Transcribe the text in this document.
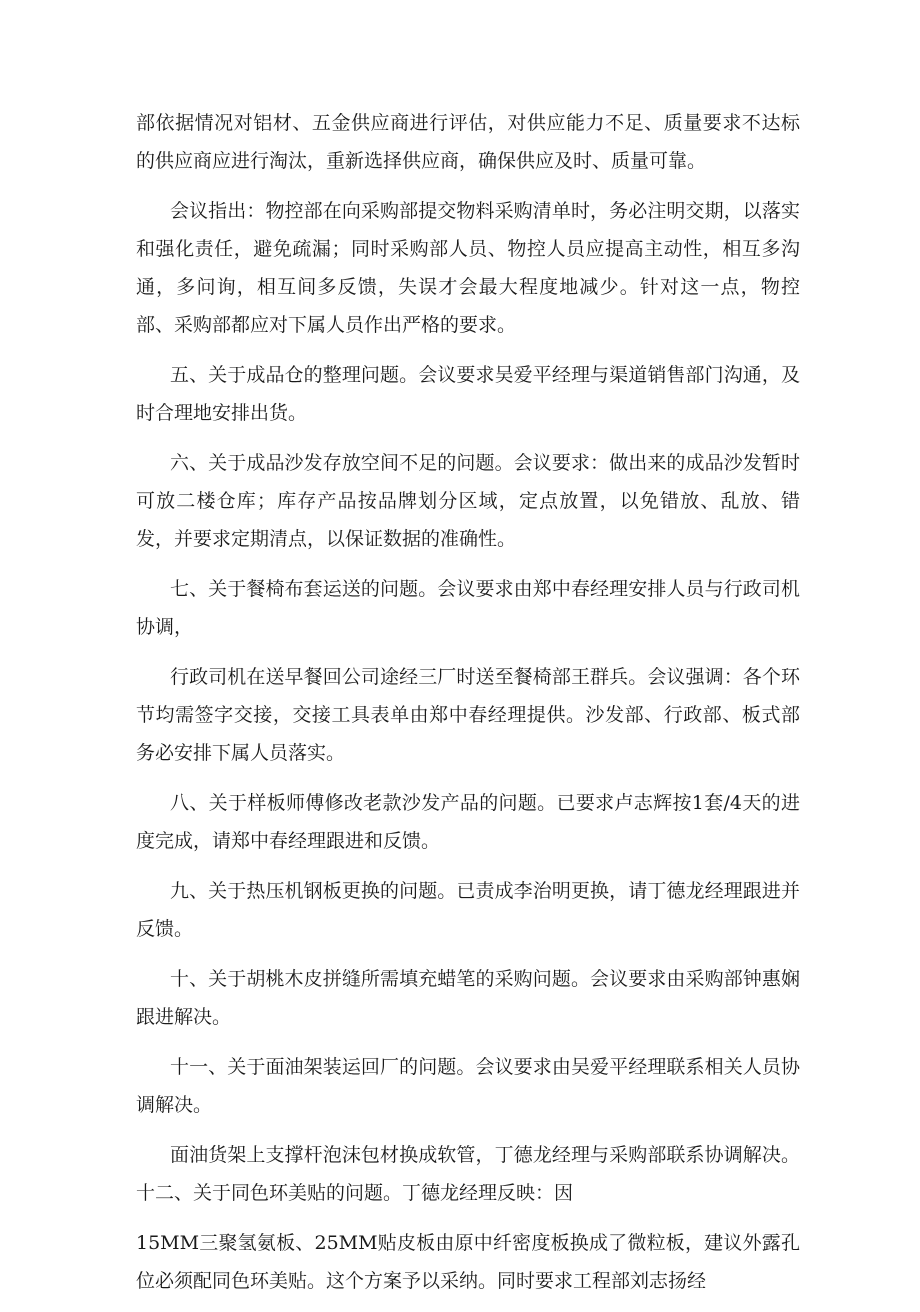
部依据情况对铝材、五金供应商进行评估，对供应能力不足、质量要求不达标的供应商应进行淘汰，重新选择供应商，确保供应及时、质量可靠。

会议指出：物控部在向采购部提交物料采购清单时，务必注明交期，以落实和强化责任，避免疏漏；同时采购部人员、物控人员应提高主动性，相互多沟通，多问询，相互间多反馈，失误才会最大程度地减少。针对这一点，物控部、采购部都应对下属人员作出严格的要求。

五、关于成品仓的整理问题。会议要求吴爱平经理与渠道销售部门沟通，及时合理地安排出货。

六、关于成品沙发存放空间不足的问题。会议要求：做出来的成品沙发暂时可放二楼仓库；库存产品按品牌划分区域，定点放置，以免错放、乱放、错发，并要求定期清点，以保证数据的准确性。

七、关于餐椅布套运送的问题。会议要求由郑中春经理安排人员与行政司机协调，

行政司机在送早餐回公司途经三厂时送至餐椅部王群兵。会议强调：各个环节均需签字交接，交接工具表单由郑中春经理提供。沙发部、行政部、板式部务必安排下属人员落实。

八、关于样板师傅修改老款沙发产品的问题。已要求卢志辉按1套/4天的进度完成，请郑中春经理跟进和反馈。

九、关于热压机钢板更换的问题。已责成李治明更换，请丁德龙经理跟进并反馈。

十、关于胡桃木皮拼缝所需填充蜡笔的采购问题。会议要求由采购部钟惠娴跟进解决。

十一、关于面油架装运回厂的问题。会议要求由吴爱平经理联系相关人员协调解决。

面油货架上支撑杆泡沫包材换成软管，丁德龙经理与采购部联系协调解决。十二、关于同色环美贴的问题。丁德龙经理反映：因

15MM三聚氢氨板、25MM贴皮板由原中纤密度板换成了微粒板，建议外露孔位必须配同色环美贴。这个方案予以采纳。同时要求工程部刘志扬经
